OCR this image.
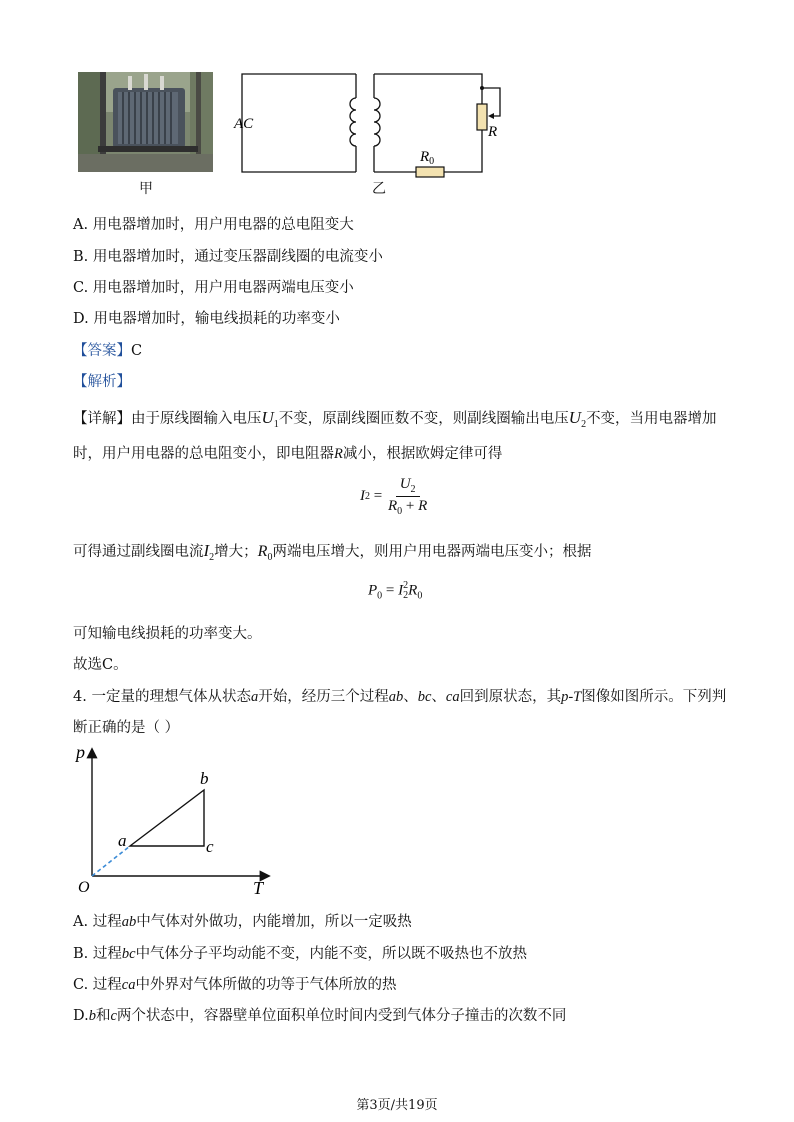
甲
AC	R
$R_0$
乙
A. 用电器增加时，用户用电器的总电阻变大
B. 用电器增加时，通过变压器副线圈的电流变小
C. 用电器增加时，用户用电器两端电压变小
D. 用电器增加时，输电线损耗的功率变小
【答案】C
【解析】
【详解】由于原线圈输入电压$U_1$不变，原副线圈匝数不变，则副线圈输出电压$U_2$不变，当用电器增加
时，用户用电器的总电阻变小，即电阻器R减小，根据欧姆定律可得
I $2 = \frac{U_2}{R_0 + R}$
可得通过副线圈电流$I_2$增大；$R_0$两端电压增大，则用户用电器两端电压变小；根据
$P_0 = I$ 2
2 $R_0$
可知输电线损耗的功率变大。
故选C。
4. 一定量的理想气体从状态a开始，经历三个过程ab、bc、ca回到原状态，其p-T图像如图所示。下列判
断正确的是（ ）
p
T
O
a
b
c
A. 过程ab中气体对外做功，内能增加，所以一定吸热
B. 过程bc中气体分子平均动能不变，内能不变，所以既不吸热也不放热
C. 过程ca中外界对气体所做的功等于气体所放的热
D.b和c两个状态中，容器壁单位面积单位时间内受到气体分子撞击的次数不同
第3页/共19页
